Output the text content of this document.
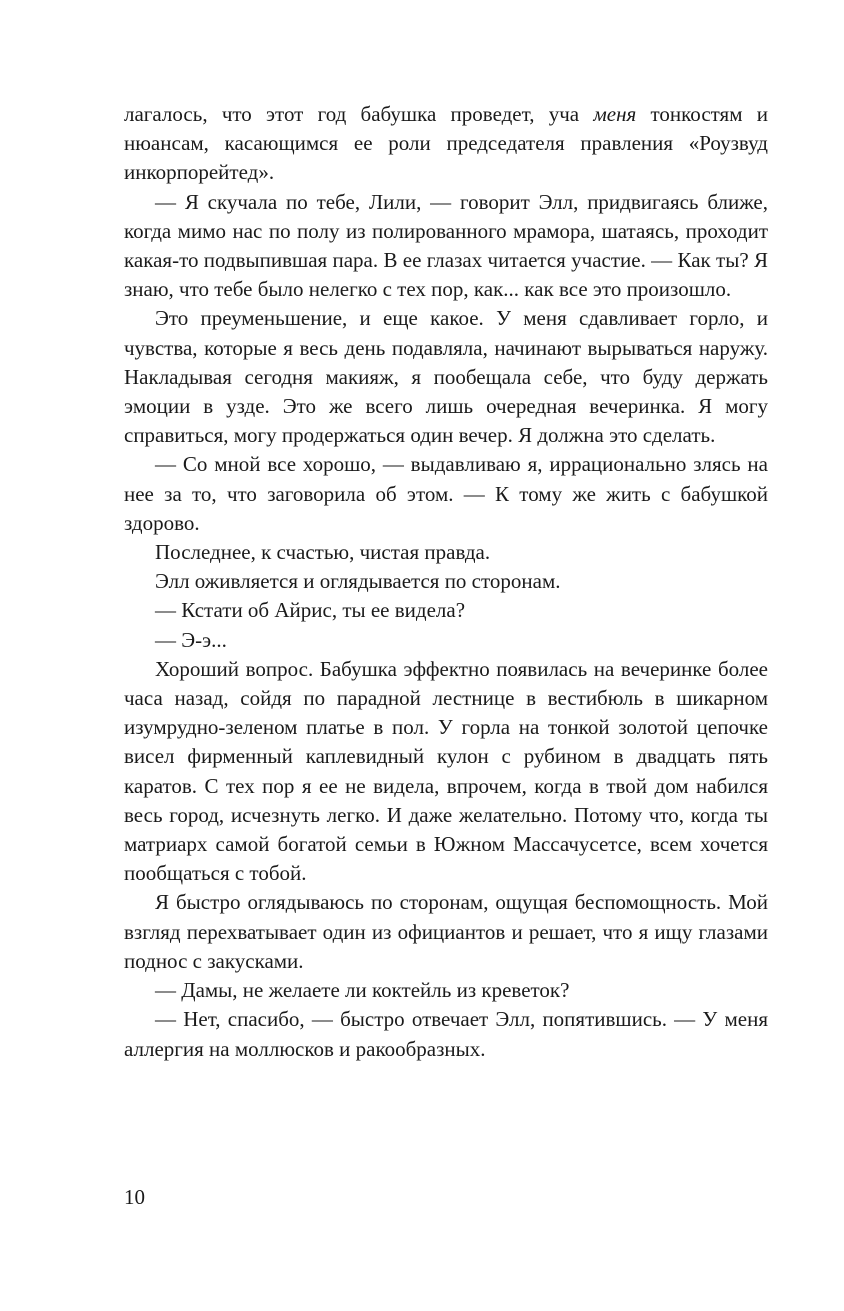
лагалось, что этот год бабушка проведет, уча меня тонкостям и нюансам, касающимся ее роли председателя правления «Роузвуд инкорпорейтед».

— Я скучала по тебе, Лили, — говорит Элл, придвигаясь ближе, когда мимо нас по полу из полированного мрамора, шатаясь, проходит какая-то подвыпившая пара. В ее глазах читается участие. — Как ты? Я знаю, что тебе было нелегко с тех пор, как... как все это произошло.

Это преуменьшение, и еще какое. У меня сдавливает горло, и чувства, которые я весь день подавляла, начинают вырываться наружу. Накладывая сегодня макияж, я пообещала себе, что буду держать эмоции в узде. Это же всего лишь очередная вечеринка. Я могу справиться, могу продержаться один вечер. Я должна это сделать.

— Со мной все хорошо, — выдавливаю я, иррационально злясь на нее за то, что заговорила об этом. — К тому же жить с бабушкой здорово.

Последнее, к счастью, чистая правда.

Элл оживляется и оглядывается по сторонам.

— Кстати об Айрис, ты ее видела?

— Э-э...

Хороший вопрос. Бабушка эффектно появилась на вечеринке более часа назад, сойдя по парадной лестнице в вестибюль в шикарном изумрудно-зеленом платье в пол. У горла на тонкой золотой цепочке висел фирменный каплевидный кулон с рубином в двадцать пять каратов. С тех пор я ее не видела, впрочем, когда в твой дом набился весь город, исчезнуть легко. И даже желательно. Потому что, когда ты матриарх самой богатой семьи в Южном Массачусетсе, всем хочется пообщаться с тобой.

Я быстро оглядываюсь по сторонам, ощущая беспомощность. Мой взгляд перехватывает один из официантов и решает, что я ищу глазами поднос с закусками.

— Дамы, не желаете ли коктейль из креветок?

— Нет, спасибо, — быстро отвечает Элл, попятившись. — У меня аллергия на моллюсков и ракообразных.

10
